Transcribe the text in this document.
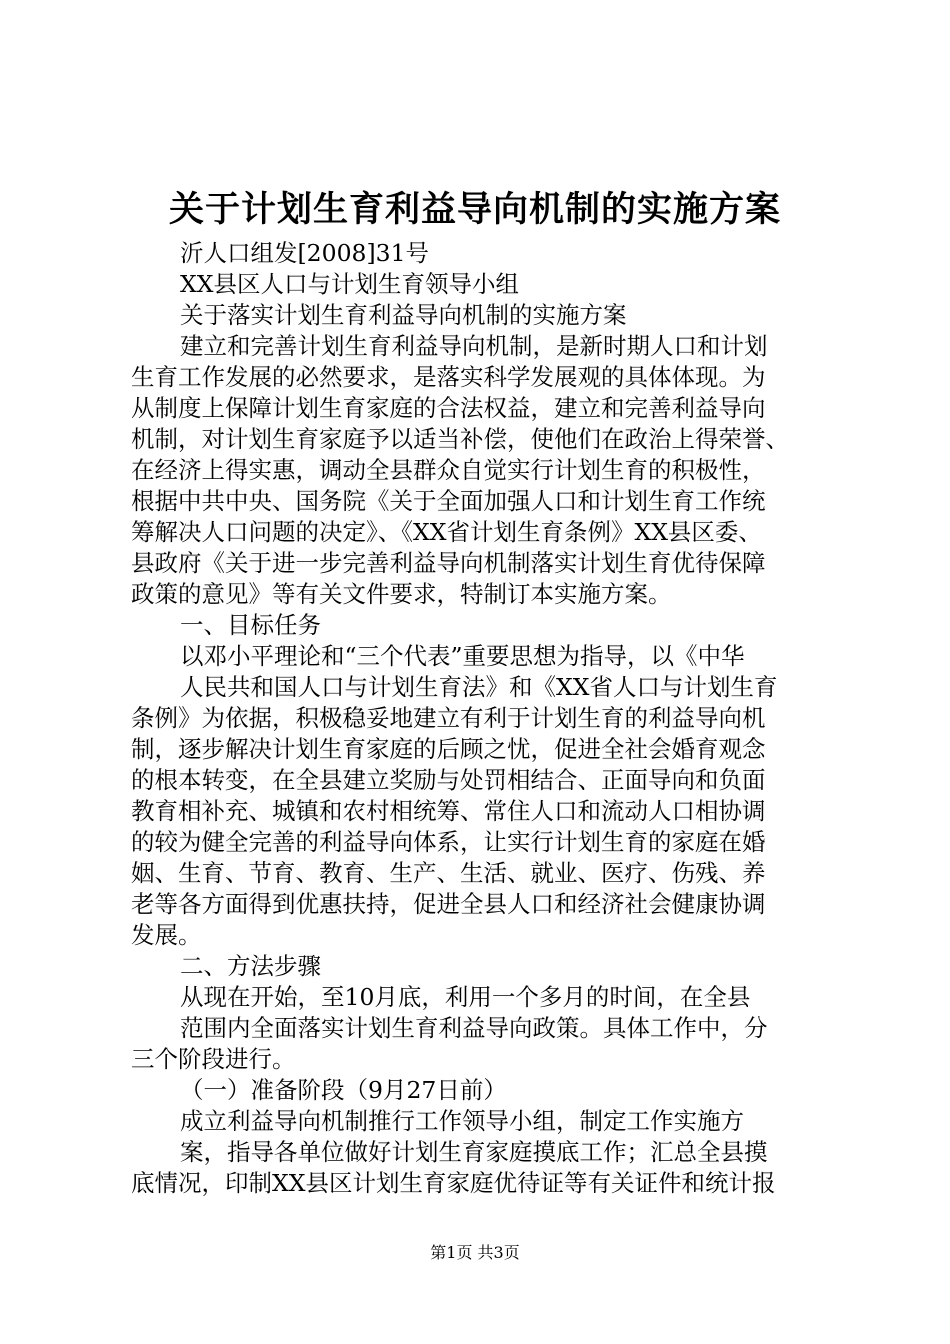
关于计划生育利益导向机制的实施方案
沂人口组发[2008]31号
XX县区人口与计划生育领导小组
关于落实计划生育利益导向机制的实施方案
建立和完善计划生育利益导向机制，是新时期人口和计划
生育工作发展的必然要求，是落实科学发展观的具体体现。为
从制度上保障计划生育家庭的合法权益，建立和完善利益导向
机制，对计划生育家庭予以适当补偿，使他们在政治上得荣誉、
在经济上得实惠，调动全县群众自觉实行计划生育的积极性，
根据中共中央、国务院《关于全面加强人口和计划生育工作统
筹解决人口问题的决定》、《XX省计划生育条例》XX县区委、
县政府《关于进一步完善利益导向机制落实计划生育优待保障
政策的意见》等有关文件要求，特制订本实施方案。
一、目标任务
以邓小平理论和“三个代表”重要思想为指导，以《中华
人民共和国人口与计划生育法》和《XX省人口与计划生育
条例》为依据，积极稳妥地建立有利于计划生育的利益导向机
制，逐步解决计划生育家庭的后顾之忧，促进全社会婚育观念
的根本转变，在全县建立奖励与处罚相结合、正面导向和负面
教育相补充、城镇和农村相统筹、常住人口和流动人口相协调
的较为健全完善的利益导向体系，让实行计划生育的家庭在婚
姻、生育、节育、教育、生产、生活、就业、医疗、伤残、养
老等各方面得到优惠扶持，促进全县人口和经济社会健康协调
发展。
二、方法步骤
从现在开始，至10月底，利用一个多月的时间，在全县
范围内全面落实计划生育利益导向政策。具体工作中，分
三个阶段进行。
（一）准备阶段（9月27日前）
成立利益导向机制推行工作领导小组，制定工作实施方
案，指导各单位做好计划生育家庭摸底工作；汇总全县摸
底情况，印制XX县区计划生育家庭优待证等有关证件和统计报
第1页 共3页
